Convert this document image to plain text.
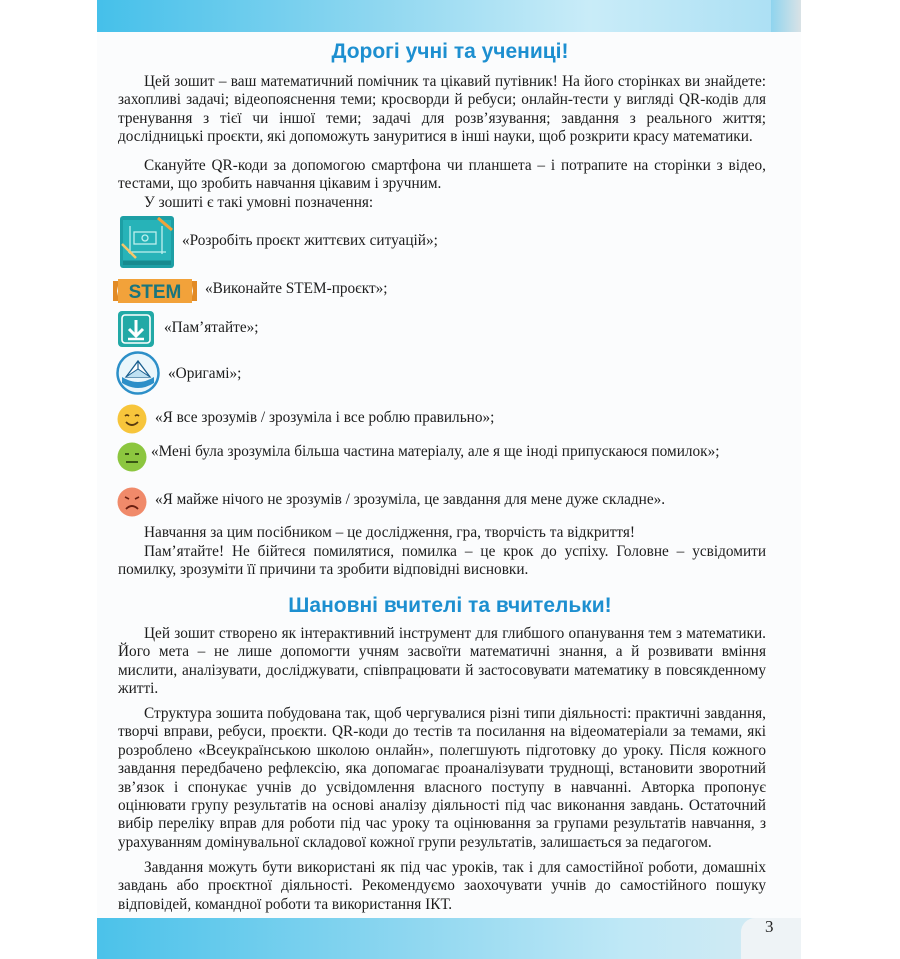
Дорогі учні та учениці!

Цей зошит – ваш математичний помічник та цікавий путівник! На його сторінках ви знайдете: захопливі задачі; відеопояснення теми; кросворди й ребуси; онлайн-тести у вигляді QR-кодів для тренування з тієї чи іншої теми; задачі для розв’язування; завдання з реального життя; дослідницькі проєкти, які допоможуть зануритися в інші науки, щоб розкрити красу математики.

Скануйте QR-коди за допомогою смартфона чи планшета – і потрапите на сторінки з відео, тестами, що зробить навчання цікавим і зручним.

У зошиті є такі умовні позначення:

«Розробіть проєкт життєвих ситуацій»;
STEM «Виконайте STEM-проєкт»;
«Пам’ятайте»;
«Оригамі»;
«Я все зрозумів / зрозуміла і все роблю правильно»;

«Мені була зрозуміла більша частина матеріалу, але я ще іноді припускаюся помилок»;

«Я майже нічого не зрозумів / зрозуміла, це завдання для мене дуже складне».

Навчання за цим посібником – це дослідження, гра, творчість та відкриття!

Пам’ятайте! Не бійтеся помилятися, помилка – це крок до успіху. Головне – усвідомити помилку, зрозуміти її причини та зробити відповідні висновки.

Шановні вчителі та вчительки!

Цей зошит створено як інтерактивний інструмент для глибшого опанування тем з математики. Його мета – не лише допомогти учням засвоїти математичні знання, а й розвивати вміння мислити, аналізувати, досліджувати, співпрацювати й застосовувати математику в повсякденному житті.

Структура зошита побудована так, щоб чергувалися різні типи діяльності: практичні завдання, творчі вправи, ребуси, проєкти. QR-коди до тестів та посилання на відеоматеріали за темами, які розроблено «Всеукраїнською школою онлайн», полегшують підготовку до уроку. Після кожного завдання передбачено рефлексію, яка допомагає проаналізувати труднощі, встановити зворотний зв’язок і спонукає учнів до усвідомлення власного поступу в навчанні. Авторка пропонує оцінювати групу результатів на основі аналізу діяльності під час виконання завдань. Остаточний вибір переліку вправ для роботи під час уроку та оцінювання за групами результатів навчання, з урахуванням домінувальної складової кожної групи результатів, залишається за педагогом.

Завдання можуть бути використані як під час уроків, так і для самостійної роботи, домашніх завдань або проєктної діяльності. Рекомендуємо заохочувати учнів до самостійного пошуку відповідей, командної роботи та використання ІКТ.

3
